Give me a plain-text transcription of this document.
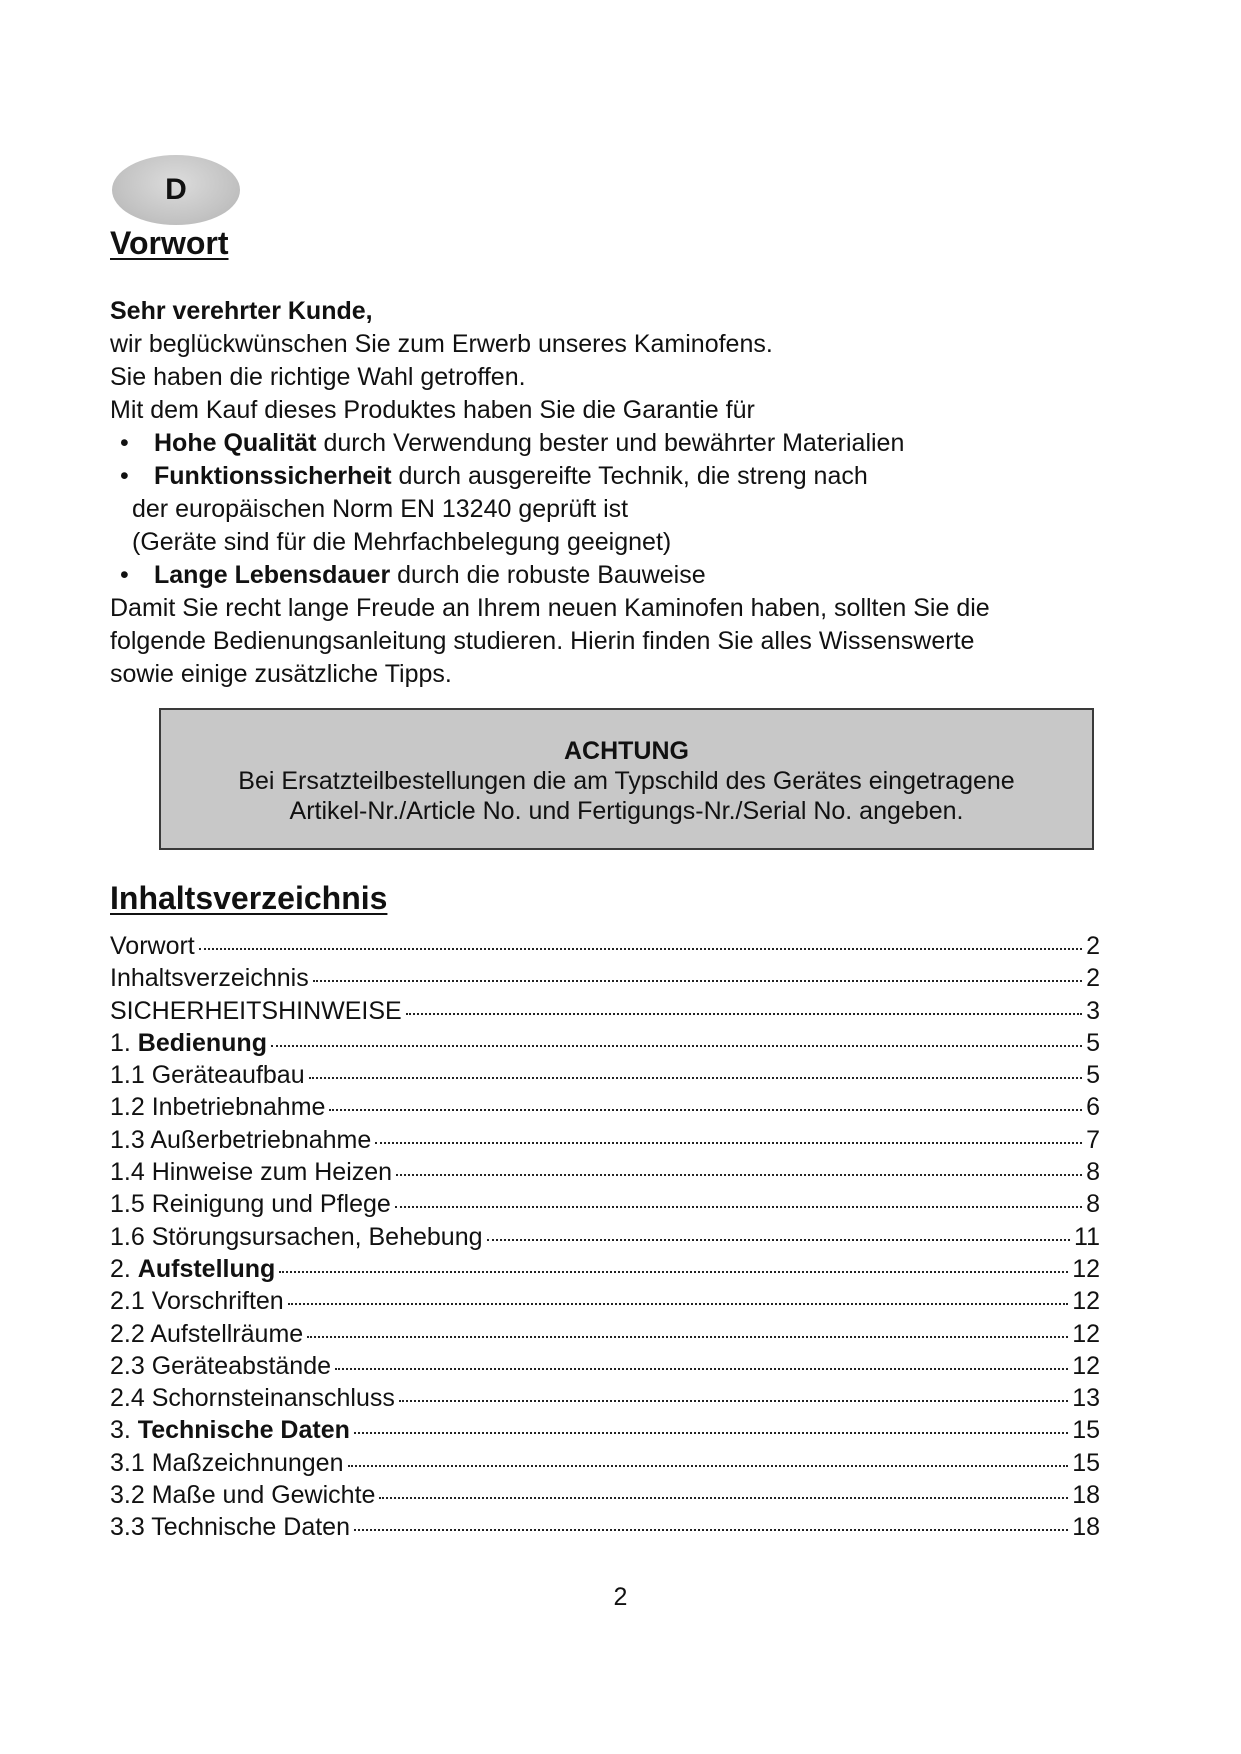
D
Vorwort

Sehr verehrter Kunde,

wir beglückwünschen Sie zum Erwerb unseres Kaminofens.

Sie haben die richtige Wahl getroffen.

Mit dem Kauf dieses Produktes haben Sie die Garantie für

• Hohe Qualität durch Verwendung bester und bewährter Materialien

• Funktionssicherheit durch ausgereifte Technik, die streng nach

der europäischen Norm EN 13240 geprüft ist

(Geräte sind für die Mehrfachbelegung geeignet)

• Lange Lebensdauer durch die robuste Bauweise

Damit Sie recht lange Freude an Ihrem neuen Kaminofen haben, sollten Sie die

folgende Bedienungsanleitung studieren. Hierin finden Sie alles Wissenswerte

sowie einige zusätzliche Tipps.

ACHTUNG
Bei Ersatzteilbestellungen die am Typschild des Gerätes eingetragene
Artikel-Nr./Article No. und Fertigungs-Nr./Serial No. angeben.
Inhaltsverzeichnis
Vorwort	2
Inhaltsverzeichnis	2
SICHERHEITSHINWEISE	3
1. Bedienung	5
1.1 Geräteaufbau	5
1.2 Inbetriebnahme	6
1.3 Außerbetriebnahme	7
1.4 Hinweise zum Heizen	8
1.5 Reinigung und Pflege	8
1.6 Störungsursachen, Behebung	11
2. Aufstellung	12
2.1 Vorschriften	12
2.2 Aufstellräume	12
2.3 Geräteabstände	12
2.4 Schornsteinanschluss	13
3. Technische Daten	15
3.1 Maßzeichnungen	15
3.2 Maße und Gewichte	18
3.3 Technische Daten	18
2
